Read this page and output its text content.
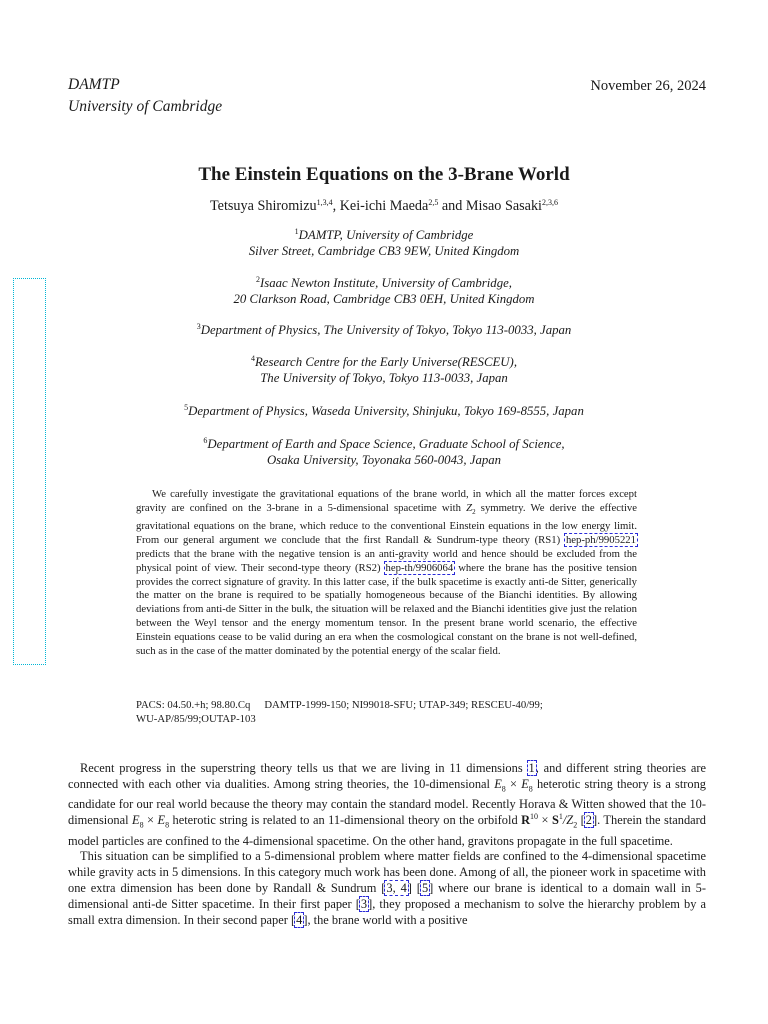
DAMTP
University of Cambridge
November 26, 2024
The Einstein Equations on the 3-Brane World
Tetsuya Shiromizu$^{1,3,4}$, Kei-ichi Maeda$^{2,5}$ and Misao Sasaki$^{2,3,6}$
$^1$DAMTP, University of Cambridge
Silver Street, Cambridge CB3 9EW, United Kingdom
$^2$Isaac Newton Institute, University of Cambridge,
20 Clarkson Road, Cambridge CB3 0EH, United Kingdom
$^3$Department of Physics, The University of Tokyo, Tokyo 113-0033, Japan
$^4$Research Centre for the Early Universe(RESCEU),
The University of Tokyo, Tokyo 113-0033, Japan
$^5$Department of Physics, Waseda University, Shinjuku, Tokyo 169-8555, Japan
$^6$Department of Earth and Space Science, Graduate School of Science,
Osaka University, Toyonaka 560-0043, Japan

We carefully investigate the gravitational equations of the brane world, in which all the matter forces except gravity are confined on the 3-brane in a 5-dimensional spacetime with $Z_2$ symmetry. We derive the effective gravitational equations on the brane, which reduce to the conventional Einstein equations in the low energy limit. From our general argument we conclude that the first Randall & Sundrum-type theory (RS1) hep-ph/9905221 predicts that the brane with the negative tension is an anti-gravity world and hence should be excluded from the physical point of view. Their second-type theory (RS2) hep-th/9906064 where the brane has the positive tension provides the correct signature of gravity. In this latter case, if the bulk spacetime is exactly anti-de Sitter, generically the matter on the brane is required to be spatially homogeneous because of the Bianchi identities. By allowing deviations from anti-de Sitter in the bulk, the situation will be relaxed and the Bianchi identities give just the relation between the Weyl tensor and the energy momentum tensor. In the present brane world scenario, the effective Einstein equations cease to be valid during an era when the cosmological constant on the brane is not well-defined, such as in the case of the matter dominated by the potential energy of the scalar field.

PACS: 04.50.+h; 98.80.Cq DAMTP-1999-150; NI99018-SFU; UTAP-349; RESCEU-40/99;
WU-AP/85/99;OUTAP-103

Recent progress in the superstring theory tells us that we are living in 11 dimensions 1, and different string theories are connected with each other via dualities. Among string theories, the 10-dimensional $E_8 \times E_8$ heterotic string theory is a strong candidate for our real world because the theory may contain the standard model. Recently Horava & Witten showed that the 10-dimensional $E_8 \times E_8$ heterotic string is related to an 11-dimensional theory on the orbifold $R^{10} \times S^1/Z_2$ [2]. Therein the standard model particles are confined to the 4-dimensional spacetime. On the other hand, gravitons propagate in the full spacetime.

This situation can be simplified to a 5-dimensional problem where matter fields are confined to the 4-dimensional spacetime while gravity acts in 5 dimensions. In this category much work has been done. Among of all, the pioneer work in spacetime with one extra dimension has been done by Randall & Sundrum [3, 4] [5] where our brane is identical to a domain wall in 5-dimensional anti-de Sitter spacetime. In their first paper [3], they proposed a mechanism to solve the hierarchy problem by a small extra dimension. In their second paper [4], the brane world with a positive
